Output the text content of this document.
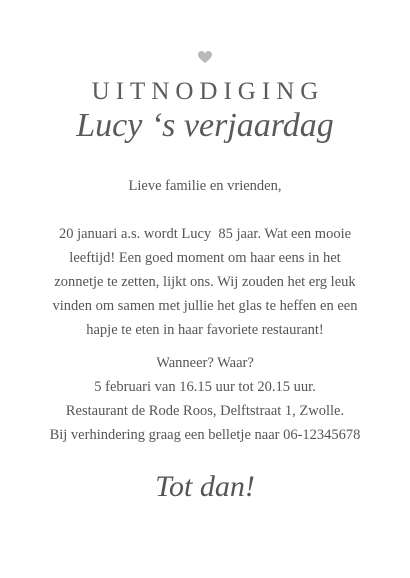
UITNODIGING
Lucy ‘s verjaardag
Lieve familie en vrienden,
20 januari a.s. wordt Lucy  85 jaar. Wat een mooie
leeftijd! Een goed moment om haar eens in het
zonnetje te zetten, lijkt ons. Wij zouden het erg leuk
vinden om samen met jullie het glas te heffen en een
hapje te eten in haar favoriete restaurant!
Wanneer? Waar?
5 februari van 16.15 uur tot 20.15 uur.
Restaurant de Rode Roos, Delftstraat 1, Zwolle.
Bij verhindering graag een belletje naar 06-12345678
Tot dan!
